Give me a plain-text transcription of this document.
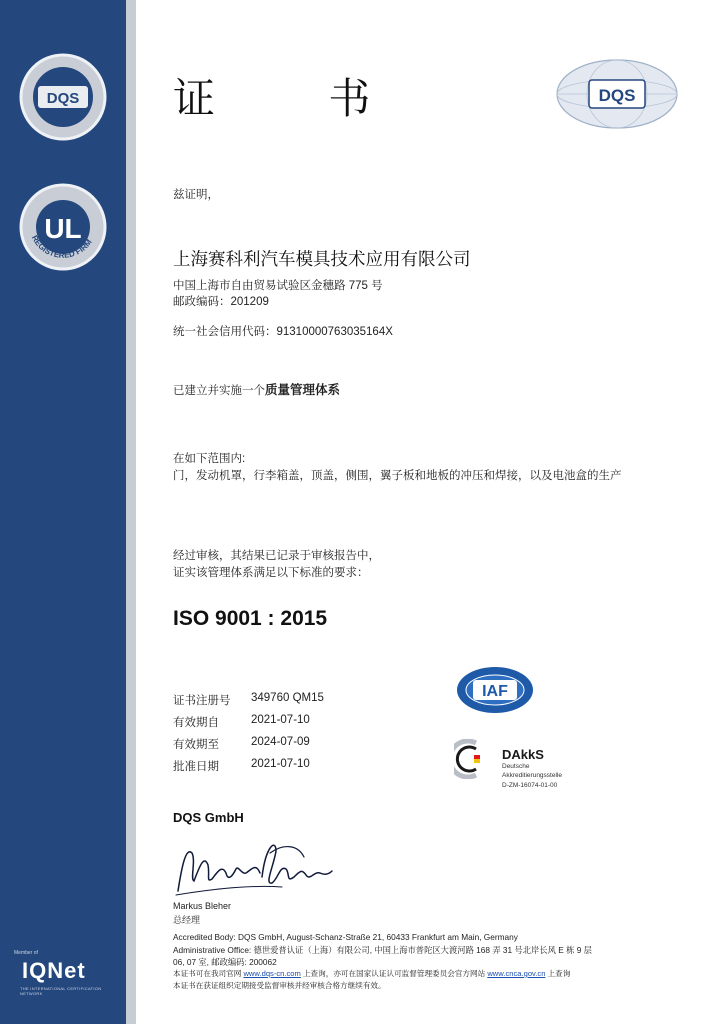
DQS
UL
REGISTERED FIRM
Member of
IQNet
THE INTERNATIONAL CERTIFICATION NETWORK
证 书	DQS
兹证明，
上海赛科利汽车模具技术应用有限公司
中国上海市自由贸易试验区金穗路 775 号
邮政编码：201209
统一社会信用代码：91310000763035164X
已建立并实施一个质量管理体系
在如下范围内:
门，发动机罩，行李箱盖，顶盖，侧围，翼子板和地板的冲压和焊接，以及电池盒的生产
经过审核，其结果已记录于审核报告中，
证实该管理体系满足以下标准的要求：
ISO 9001 : 2015
证书注册号 349760 QM15
有效期自	2021-07-10
有效期至	2024-07-09
批准日期	2021-07-10
IAF
DAkkS
Deutsche
Akkreditierungsstelle
D-ZM-16074-01-00
DQS GmbH
Markus Bleher
总经理
Accredited Body: DQS GmbH, August-Schanz-Straße 21, 60433 Frankfurt am Main, Germany
Administrative Office: 德世爱普认证（上海）有限公司, 中国上海市普陀区大渡河路 168 弄 31 号北岸长风 E 栋 9 层
06, 07 室, 邮政编码: 200062
本证书可在我司官网 www.dqs-cn.com 上查询，亦可在国家认证认可监督管理委员会官方网站 www.cnca.gov.cn 上查询
本证书在获证组织定期接受监督审核并经审核合格方继续有效。
